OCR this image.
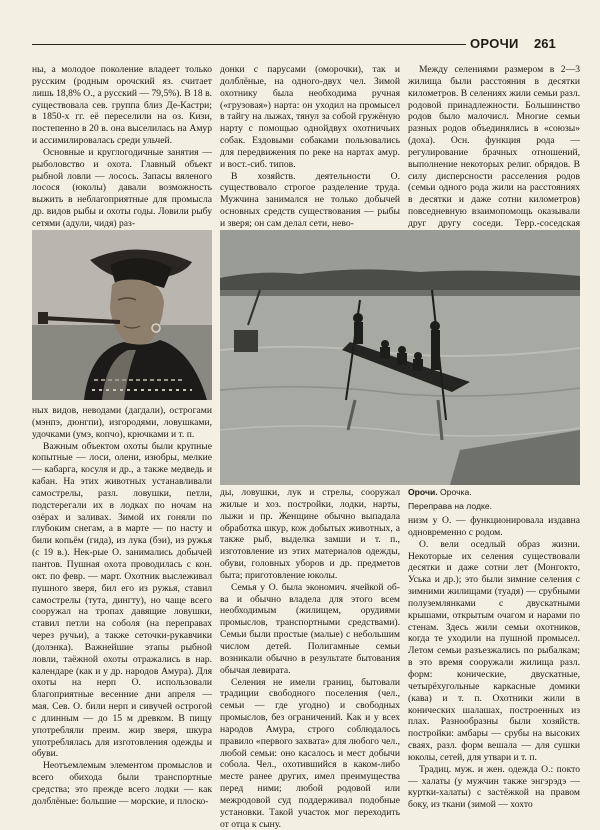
ОРОЧИ 261

ны, а молодое поколение владеет только русским (родным орочский яз. считает лишь 18,8% О., а русский — 79,5%). В 18 в. существовала сев. группа близ Де-Кастри; в 1850-х гг. её переселили на оз. Кизи, постепенно в 20 в. она выселилась на Амур и ассимилировалась среди ульчей.

Основные и круглогодичные занятия — рыболовство и охота. Главный объект рыбной ловли — лосось. Запасы вяленого лосося (юколы) давали возможность выжить в неблагоприятные для промысла др. видов рыбы и охоты годы. Ловили рыбу сетями (адули, чидя) раз-

донки с парусами (оморочки), так и долблёные, на одного-двух чел. Зимой охотнику была необходима ручная («грузовая») нарта: он уходил на промысел в тайгу на лыжах, тянул за собой гружёную нарту с помощью однойдвух охотничьих собак. Ездовыми собаками пользовались для передвижения по реке на нартах амур. и вост.-сиб. типов.

В хозяйств. деятельности О. существовало строгое разделение труда. Мужчина занимался не только добычей основных средств существования — рыбы и зверя; он сам делал сети, нево-

Между селениями размером в 2—3 жилища были расстояния в десятки километров. В селениях жили семьи разл. родовой принадлежности. Большинство родов было малочисл. Многие семьи разных родов объединялись в «союзы» (доха). Осн. функция рода — регулирование брачных отношений, выполнение некоторых религ. обрядов. В силу дисперсности расселения родов (семьи одного рода жили на расстояниях в десятки и даже сотни километров) повседневную взаимопомощь оказывали друг другу соседи. Терр.-соседская

ных видов, неводами (дагдали), острогами (мэнпэ, дюнгпи), изгородями, ловушками, удочками (умэ, копчо), крючками и т. п.

Важным объектом охоты были крупные копытные — лоси, олени, изюбры, мелкие — кабарга, косуля и др., а также медведь и кабан. На этих животных устанавливали самострелы, разл. ловушки, петли, подстерегали их в лодках по ночам на озёрах и заливах. Зимой их гоняли по глубоким снегам, а в марте — по насту и били копьём (гида), из лука (бэи), из ружья (с 19 в.). Нек-рые О. занимались добычей пантов. Пушная охота проводилась с кон. окт. по февр. — март. Охотник выслеживал пушного зверя, бил его из ружья, ставил самострелы (тута, дингту), но чаще всего сооружал на тропах давящие ловушки, ставил петли на соболя (на переправах через ручьи), а также сеточки-рукавчики (долэнка). Важнейшие этапы рыбной ловли, таёжной охоты отражались в нар. календаре (как и у др. народов Амура). Для охоты на нерп О. использовали благоприятные весенние дни апреля — мая. Сев. О. били нерп и сивучей острогой с длинным — до 15 м древком. В пищу употребляли преим. жир зверя, шкура употреблялась для изготовления одежды и обуви.

Неотъемлемым элементом промыслов и всего обихода были транспортные средства; это прежде всего лодки — как долблёные: большие — морские, и плоско-

ды, ловушки, лук и стрелы, сооружал жилые и хоз. постройки, лодки, нарты, лыжи и пр. Женщине обычно выпадала обработка шкур, кож добытых животных, а также рыб, выделка замши и т. п., изготовление из этих материалов одежды, обуви, головных уборов и др. предметов быта; приготовление юколы.

Семья у О. была экономич. ячейкой об-ва и обычно владела для этого всем необходимым (жилищем, орудиями промыслов, транспортными средствами). Семьи были простые (малые) с небольшим числом детей. Полигамные семьи возникали обычно в результате бытования обычая левирата.

Селения не имели границ, бытовали традиции свободного поселения (чел., семьи — где угодно) и свободных промыслов, без ограничений. Как и у всех народов Амура, строго соблюдалось правило «первого захвата» для любого чел., любой семьи: оно касалось и мест добычи собола. Чел., охотившийся в каком-либо месте ранее других, имел преимущества перед ними; любой родовой или межродовой суд поддерживал подобные установки. Такой участок мог переходить от отца к сыну.

Орочи. Орочка.
Переправа на лодке.

низм у О. — функционировала издавна одновременно с родом.

О. вели оседлый образ жизни. Некоторые их селения существовали десятки и даже сотни лет (Монгокто, Уська и др.); это были зимние селения с зимними жилищами (туадя) — срубными полуземлянками с двускатными крышами, открытым очагом и нарами по стенам. Здесь жили семьи охотников, когда те уходили на пушной промысел. Летом семьи разъезжались по рыбалкам; в это время сооружали жилища разл. форм: конические, двускатные, четырёхугольные каркасные домики (кава) и т. п. Охотники жили в конических шалашах, построенных из плах. Разнообразны были хозяйств. постройки: амбары — срубы на высоких сваях, разл. форм вешала — для сушки юколы, сетей, для утвари и т. п.

Традиц. муж. и жен. одежда О.: покто — халаты (у мужчин также энгэрэдэ — куртки-халаты) с застёжкой на правом боку, из ткани (зимой — хохто
